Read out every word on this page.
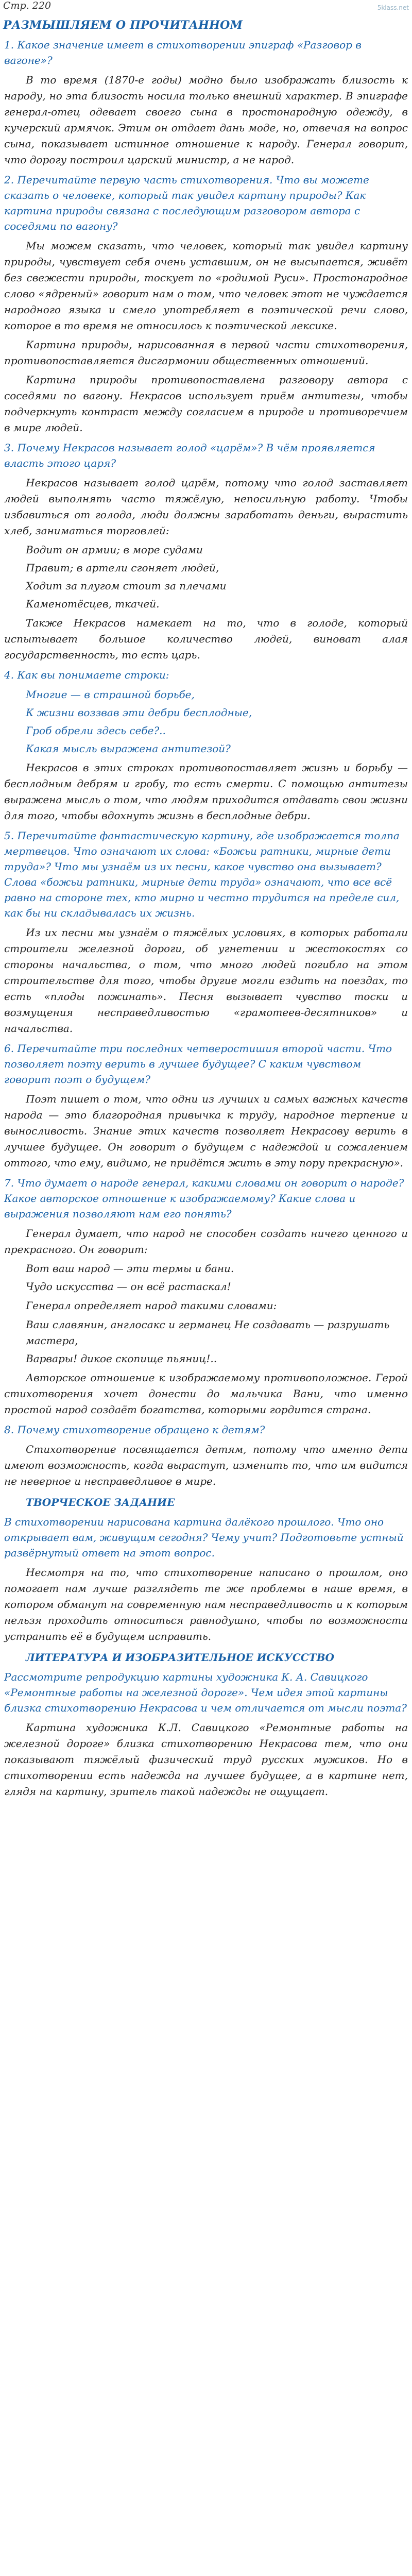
Стр. 220	5klass.net
РАЗМЫШЛЯЕМ О ПРОЧИТАННОМ
1. Какое значение имеет в стихотворении эпиграф «Разговор в вагоне»?
В то время (1870-е годы) модно было изображать близость к народу, но эта близость носила только внешний характер. В эпиграфе генерал-отец одевает своего сына в простонародную одежду, в кучерский армячок. Этим он отдает дань моде, но, отвечая на вопрос сына, показывает истинное отношение к народу. Генерал говорит, что дорогу построил царский министр, а не народ.
2. Перечитайте первую часть стихотворения. Что вы можете сказать о человеке, который так увидел картину природы? Как картина природы связана с последующим разговором автора с соседями по вагону?
Мы можем сказать, что человек, который так увидел картину природы, чувствует себя очень уставшим, он не высыпается, живёт без свежести природы, тоскует по «родимой Руси». Простонародное слово «ядреный» говорит нам о том, что человек этот не чуждается народного языка и смело употребляет в поэтической речи слово, которое в то время не относилось к поэтической лексике.
Картина природы, нарисованная в первой части стихотворения, противопоставляется дисгармонии общественных отношений.
Картина природы противопоставлена разговору автора с соседями по вагону. Некрасов использует приём антитезы, чтобы подчеркнуть контраст между согласием в природе и противоречием в мире людей.
3. Почему Некрасов называет голод «царём»? В чём проявляется власть этого царя?
Некрасов называет голод царём, потому что голод заставляет людей выполнять часто тяжёлую, непосильную работу. Чтобы избавиться от голода, люди должны заработать деньги, вырастить хлеб, заниматься торговлей:
Водит он армии; в море судами
Правит; в артели сгоняет людей,
Ходит за плугом стоит за плечами
Каменотёсцев, ткачей.
Также Некрасов намекает на то, что в голоде, который испытывает большое количество людей, виноват алая государственность, то есть царь.
4. Как вы понимаете строки:
Многие — в страшной борьбе,
К жизни воззвав эти дебри бесплодные,
Гроб обрели здесь себе?..
Какая мысль выражена антитезой?
Некрасов в этих строках противопоставляет жизнь и борьбу — бесплодным дебрям и гробу, то есть смерти. С помощью антитезы выражена мысль о том, что людям приходится отдавать свои жизни для того, чтобы вдохнуть жизнь в бесплодные дебри.
5. Перечитайте фантастическую картину, где изображается толпа мертвецов. Что означают их слова: «Божьи ратники, мирные дети труда»? Что мы узнаём из их песни, какое чувство она вызывает? Слова «божьи ратники, мирные дети труда» означают, что все всё равно на стороне тех, кто мирно и честно трудится на пределе сил, как бы ни складывалась их жизнь.
Из их песни мы узнаём о тяжёлых условиях, в которых работали строители железной дороги, об угнетении и жестокостях со стороны начальства, о том, что много людей погибло на этом строительстве для того, чтобы другие могли ездить на поездах, то есть «плоды пожинать». Песня вызывает чувство тоски и возмущения несправедливостью «грамотеев-десятников» и начальства.
6. Перечитайте три последних четверостишия второй части. Что позволяет поэту верить в лучшее будущее? С каким чувством говорит поэт о будущем?
Поэт пишет о том, что одни из лучших и самых важных качеств народа — это благородная привычка к труду, народное терпение и выносливость. Знание этих качеств позволяет Некрасову верить в лучшее будущее. Он говорит о будущем с надеждой и сожалением оттого, что ему, видимо, не придётся жить в эту пору прекрасную».
7. Что думает о народе генерал, какими словами он говорит о народе? Какое авторское отношение к изображаемому? Какие слова и выражения позволяют нам его понять?
Генерал думает, что народ не способен создать ничего ценного и прекрасного. Он говорит:
Вот ваш народ — эти термы и бани.
Чудо искусства — он всё растаскал!
Генерал определяет народ такими словами:
Ваш славянин, англосакс и германец Не создавать — разрушать мастера,
Варвары! дикое скопище пьяниц!..
Авторское отношение к изображаемому противоположное. Герой стихотворения хочет донести до мальчика Вани, что именно простой народ создаёт богатства, которыми гордится страна.
8. Почему стихотворение обращено к детям?
Стихотворение посвящается детям, потому что именно дети имеют возможность, когда вырастут, изменить то, что им видится не неверное и несправедливое в мире.
ТВОРЧЕСКОЕ ЗАДАНИЕ
В стихотворении нарисована картина далёкого прошлого. Что оно открывает вам, живущим сегодня? Чему учит? Подготовьте устный развёрнутый ответ на этот вопрос.
Несмотря на то, что стихотворение написано о прошлом, оно помогает нам лучше разглядеть те же проблемы в наше время, в котором обманут на современную нам несправедливость и к которым нельзя проходить относиться равнодушно, чтобы по возможности устранить её в будущем исправить.
ЛИТЕРАТУРА И ИЗОБРАЗИТЕЛЬНОЕ ИСКУССТВО
Рассмотрите репродукцию картины художника К. А. Савицкого «Ремонтные работы на железной дороге». Чем идея этой картины близка стихотворению Некрасова и чем отличается от мысли поэта?
Картина художника К.Л. Савицкого «Ремонтные работы на железной дороге» близка стихотворению Некрасова тем, что они показывают тяжёлый физический труд русских мужиков. Но в стихотворении есть надежда на лучшее будущее, а в картине нет, глядя на картину, зритель такой надежды не ощущает.
